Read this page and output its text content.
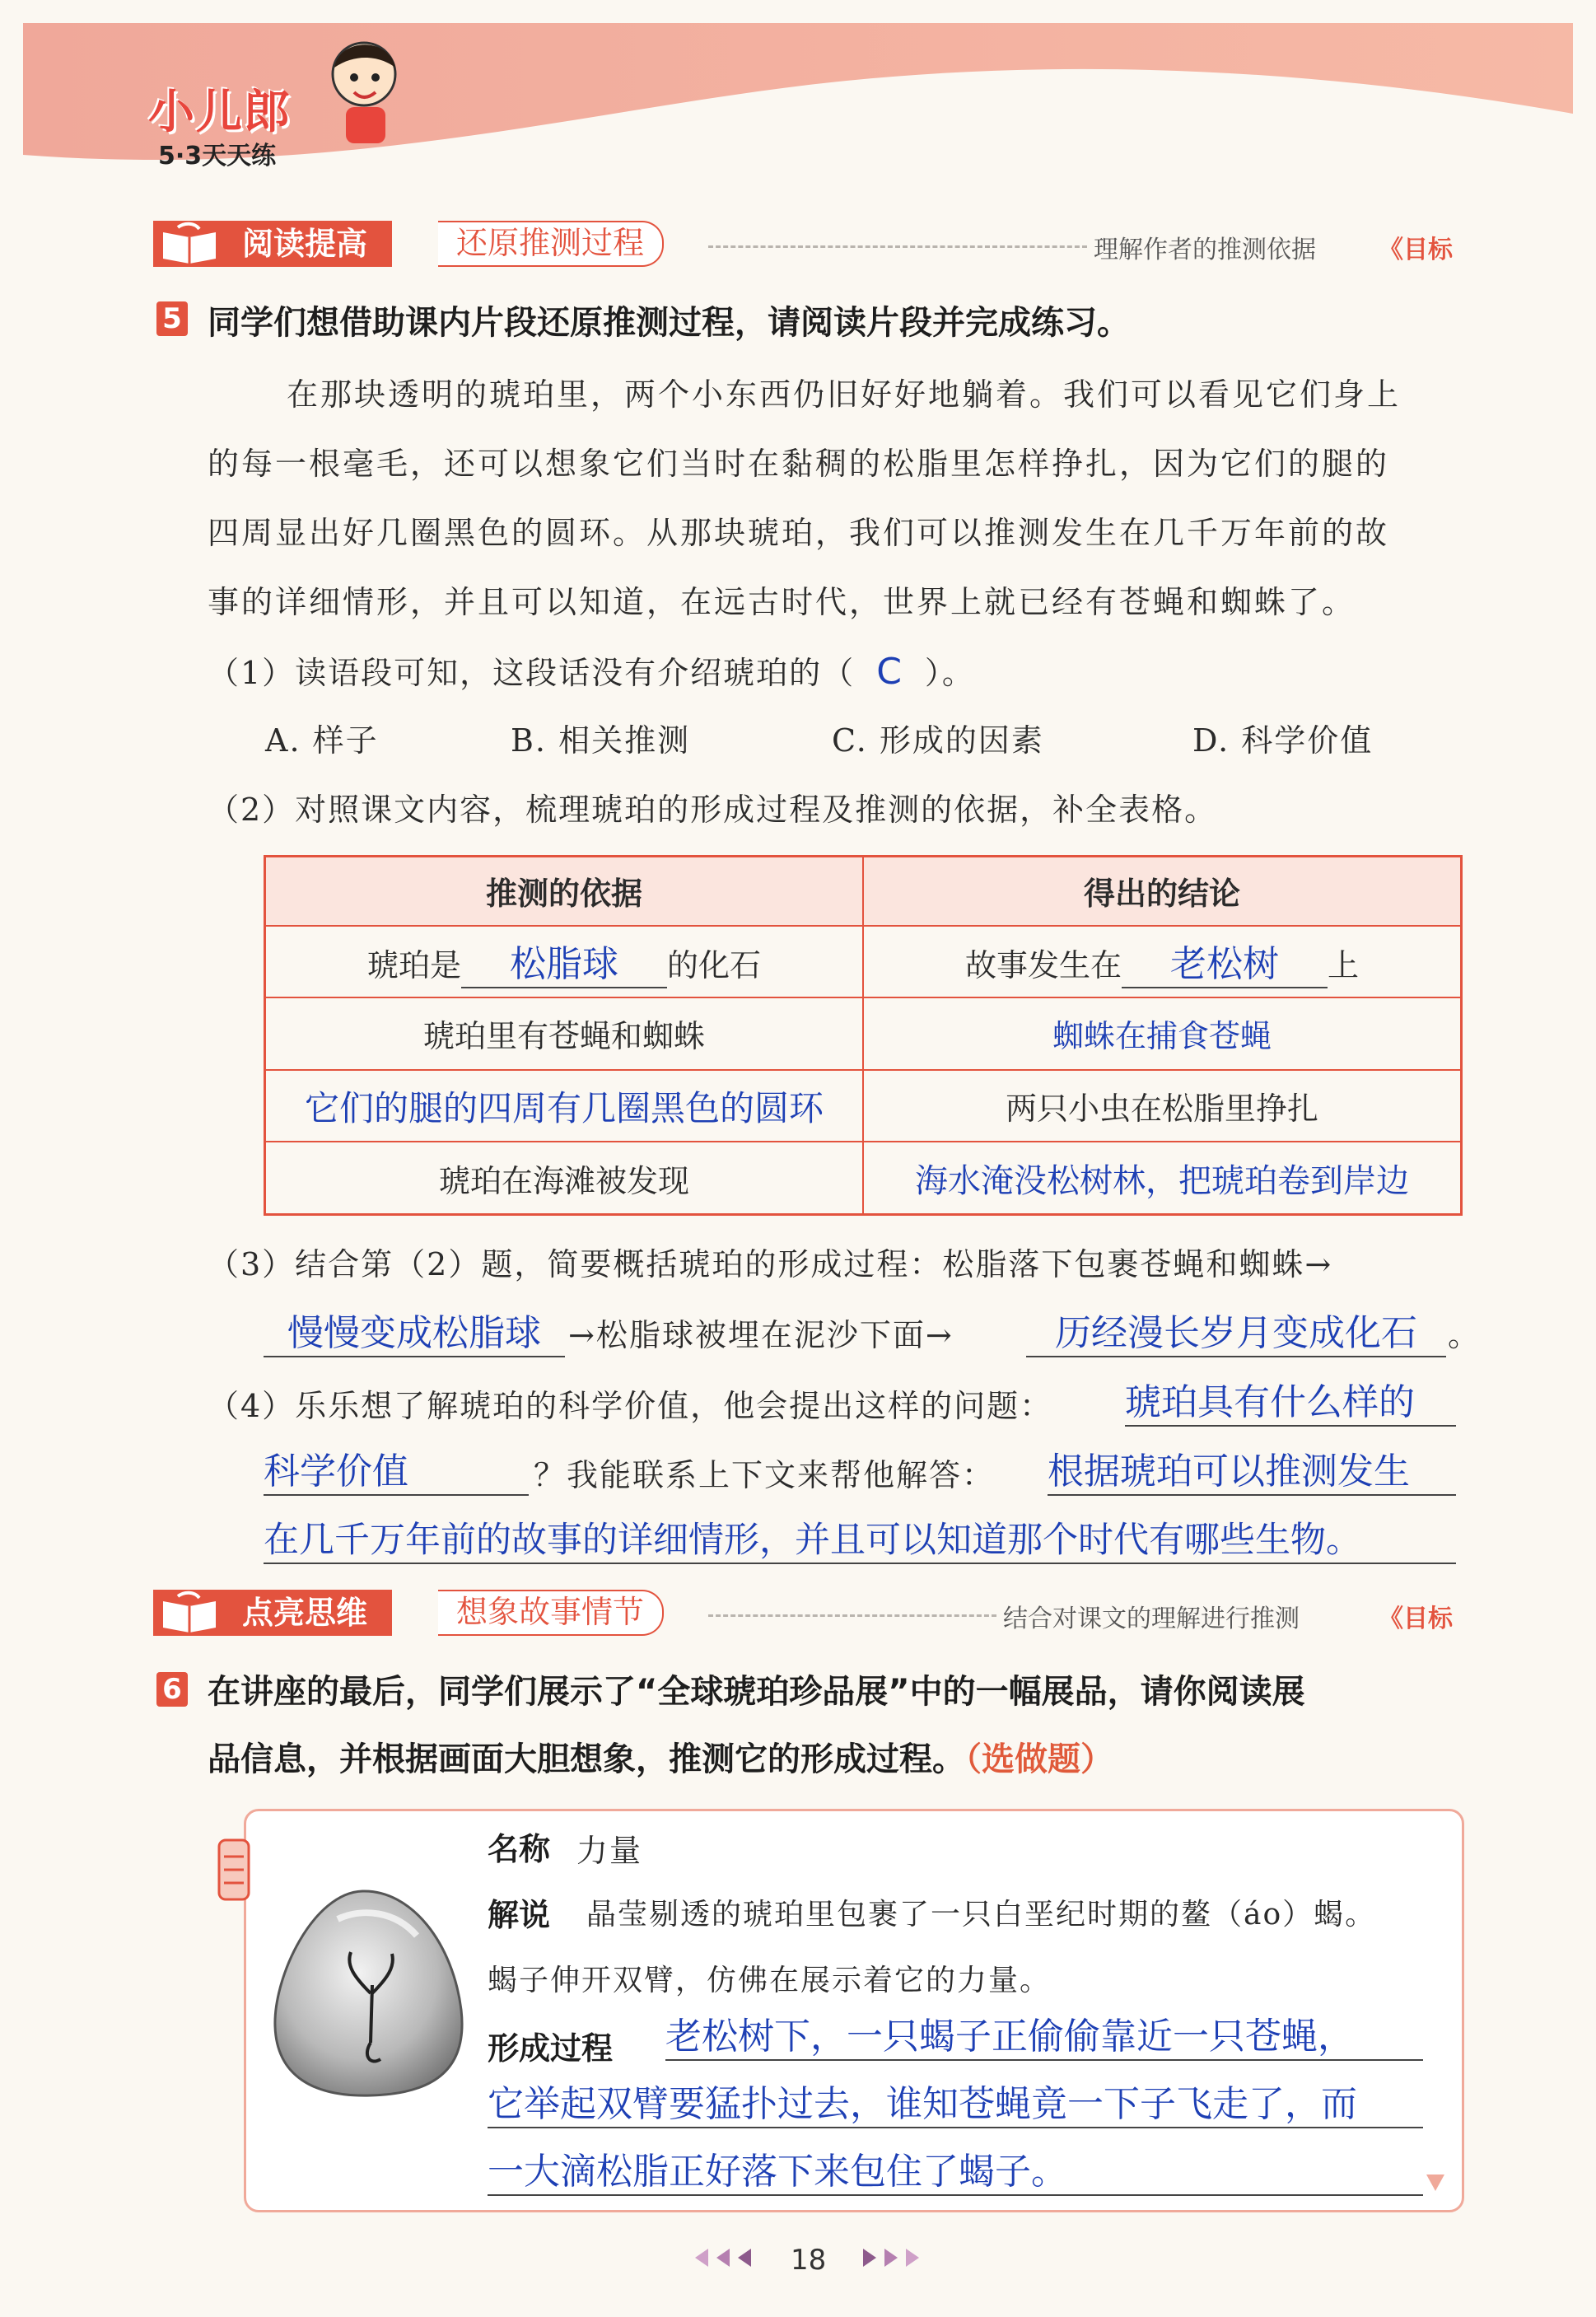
小儿郎
5·3天天练
阅读提高	还原推测过程	理解作者的推测依据	《目标
5 同学们想借助课内片段还原推测过程，请阅读片段并完成练习。
在那块透明的琥珀里，两个小东西仍旧好好地躺着。我们可以看见它们身上
的每一根毫毛，还可以想象它们当时在黏稠的松脂里怎样挣扎，因为它们的腿的
四周显出好几圈黑色的圆环。从那块琥珀，我们可以推测发生在几千万年前的故
事的详细情形，并且可以知道，在远古时代，世界上就已经有苍蝇和蜘蛛了。
（1）读语段可知，这段话没有介绍琥珀的（ C ）。
A. 样子	B. 相关推测	C. 形成的因素	D. 科学价值
（2）对照课文内容，梳理琥珀的形成过程及推测的依据，补全表格。
推测的依据	得出的结论
琥珀是 松脂球 的化石	故事发生在 老松树 上
琥珀里有苍蝇和蜘蛛	蜘蛛在捕食苍蝇
它们的腿的四周有几圈黑色的圆环	两只小虫在松脂里挣扎
琥珀在海滩被发现	海水淹没松树林，把琥珀卷到岸边
（3）结合第（2）题，简要概括琥珀的形成过程：松脂落下包裹苍蝇和蜘蛛→
慢慢变成松脂球 →松脂球被埋在泥沙下面→	历经漫长岁月变成化石 。
（4）乐乐想了解琥珀的科学价值，他会提出这样的问题： 琥珀具有什么样的
科学价值	？我能联系上下文来帮他解答： 根据琥珀可以推测发生
在几千万年前的故事的详细情形，并且可以知道那个时代有哪些生物。
点亮思维	想象故事情节	结合对课文的理解进行推测	《目标
6 在讲座的最后，同学们展示了“全球琥珀珍品展”中的一幅展品，请你阅读展
品信息，并根据画面大胆想象，推测它的形成过程。（选做题）
名称 力量
解说 晶莹剔透的琥珀里包裹了一只白垩纪时期的鳌（áo）蝎。
蝎子伸开双臂，仿佛在展示着它的力量。
形成过程 老松树下，一只蝎子正偷偷靠近一只苍蝇，
它举起双臂要猛扑过去，谁知苍蝇竟一下子飞走了，而
一大滴松脂正好落下来包住了蝎子。
18
